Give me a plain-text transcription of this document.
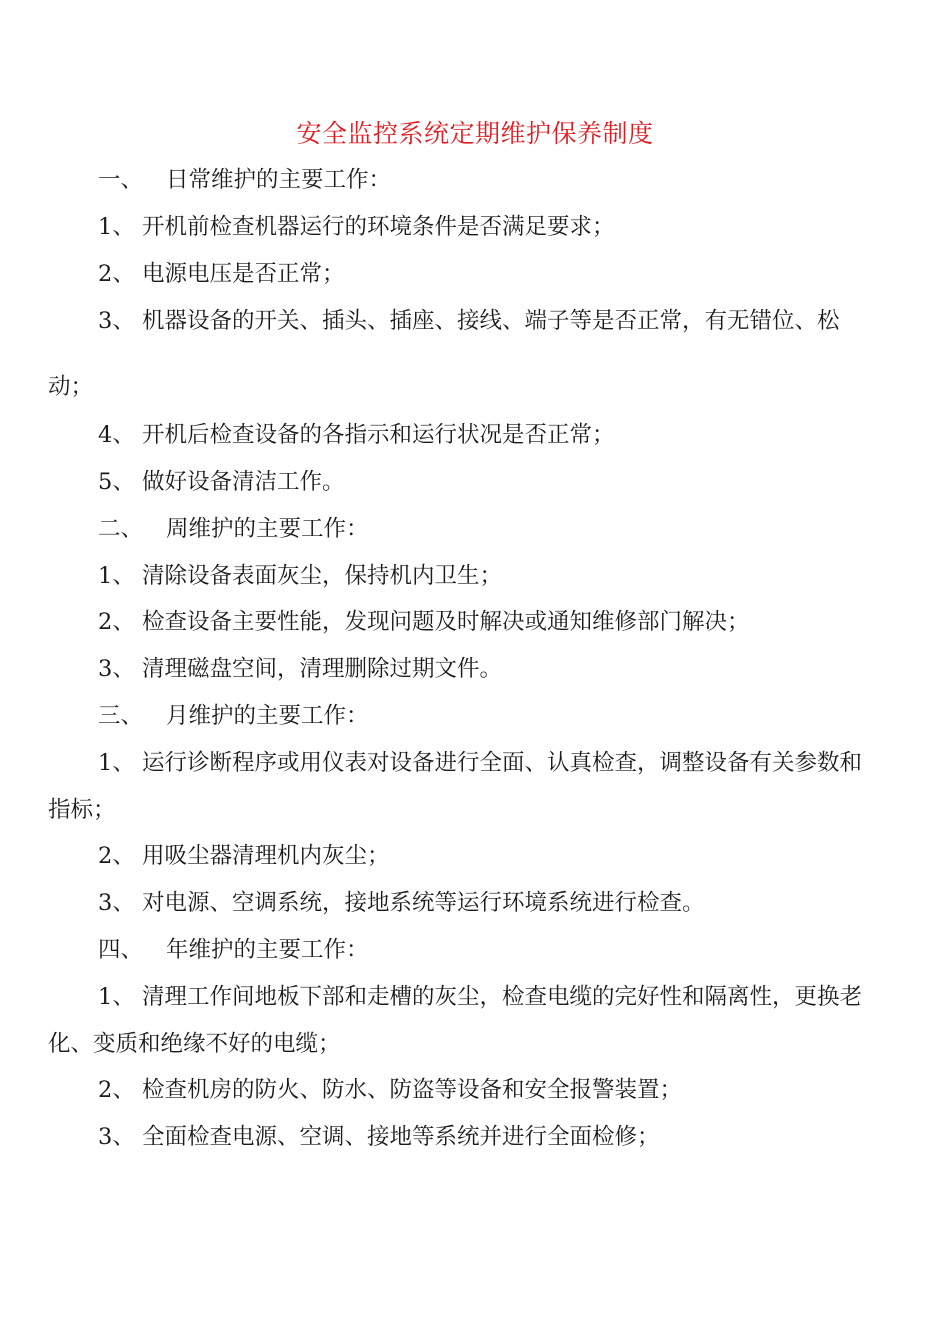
安全监控系统定期维护保养制度
一、 日常维护的主要工作：
1、 开机前检查机器运行的环境条件是否满足要求；
2、 电源电压是否正常；
3、 机器设备的开关、插头、插座、接线、端子等是否正常，有无错位、松
动；
4、 开机后检查设备的各指示和运行状况是否正常；
5、 做好设备清洁工作。
二、 周维护的主要工作：
1、 清除设备表面灰尘，保持机内卫生；
2、 检查设备主要性能，发现问题及时解决或通知维修部门解决；
3、 清理磁盘空间，清理删除过期文件。
三、 月维护的主要工作：
1、 运行诊断程序或用仪表对设备进行全面、认真检查，调整设备有关参数和
指标；
2、 用吸尘器清理机内灰尘；
3、 对电源、空调系统，接地系统等运行环境系统进行检查。
四、 年维护的主要工作：
1、 清理工作间地板下部和走槽的灰尘，检查电缆的完好性和隔离性，更换老
化、变质和绝缘不好的电缆；
2、 检查机房的防火、防水、防盗等设备和安全报警装置；
3、 全面检查电源、空调、接地等系统并进行全面检修；
